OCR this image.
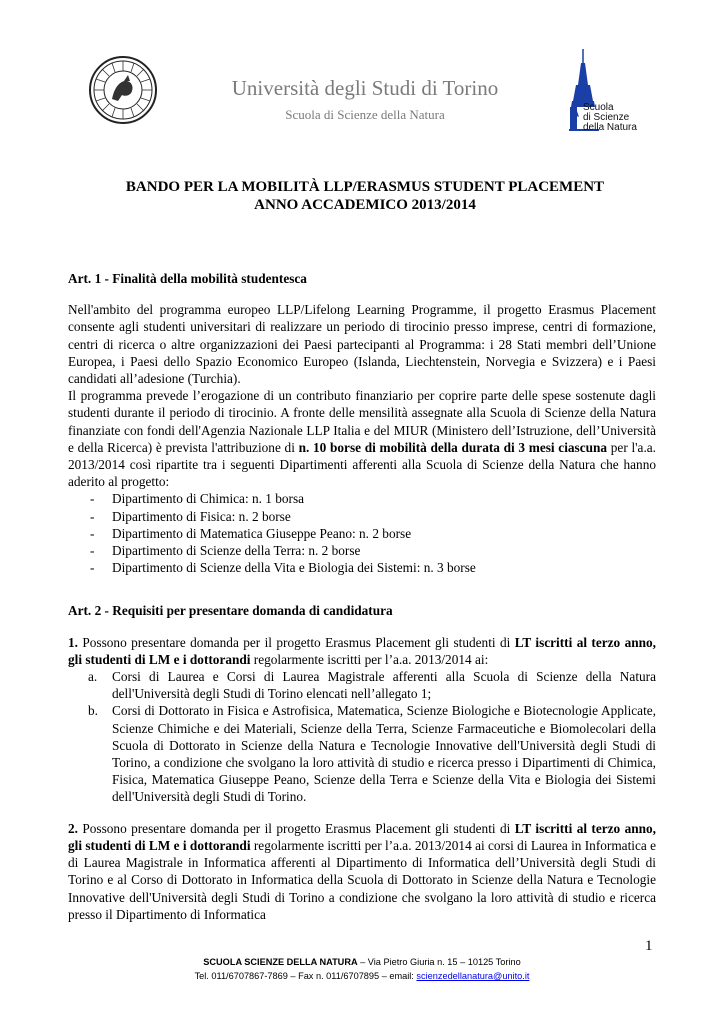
Università degli Studi di Torino
Scuola di Scienze della Natura	Scuola
di Scienze
della Natura
BANDO PER LA MOBILITÀ LLP/ERASMUS STUDENT PLACEMENT
ANNO ACCADEMICO 2013/2014

Art. 1 - Finalità della mobilità studentesca

Nell'ambito del programma europeo LLP/Lifelong Learning Programme, il progetto Erasmus Placement consente agli studenti universitari di realizzare un periodo di tirocinio presso imprese, centri di formazione, centri di ricerca o altre organizzazioni dei Paesi partecipanti al Programma: i 28 Stati membri dell’Unione Europea, i Paesi dello Spazio Economico Europeo (Islanda, Liechtenstein, Norvegia e Svizzera) e i Paesi candidati all’adesione (Turchia).

Il programma prevede l’erogazione di un contributo finanziario per coprire parte delle spese sostenute dagli studenti durante il periodo di tirocinio. A fronte delle mensilità assegnate alla Scuola di Scienze della Natura finanziate con fondi dell'Agenzia Nazionale LLP Italia e del MIUR (Ministero dell’Istruzione, dell’Università e della Ricerca) è prevista l'attribuzione di n. 10 borse di mobilità della durata di 3 mesi ciascuna per l'a.a. 2013/2014 così ripartite tra i seguenti Dipartimenti afferenti alla Scuola di Scienze della Natura che hanno aderito al progetto:

- Dipartimento di Chimica: n. 1 borsa
- Dipartimento di Fisica: n. 2 borse
- Dipartimento di Matematica Giuseppe Peano: n. 2 borse
- Dipartimento di Scienze della Terra: n. 2 borse
- Dipartimento di Scienze della Vita e Biologia dei Sistemi: n. 3 borse

Art. 2 - Requisiti per presentare domanda di candidatura

1. Possono presentare domanda per il progetto Erasmus Placement gli studenti di LT iscritti al terzo anno, gli studenti di LM e i dottorandi regolarmente iscritti per l’a.a. 2013/2014 ai:

a. Corsi di Laurea e Corsi di Laurea Magistrale afferenti alla Scuola di Scienze della Natura dell'Università degli Studi di Torino elencati nell’allegato 1;
b. Corsi di Dottorato in Fisica e Astrofisica, Matematica, Scienze Biologiche e Biotecnologie Applicate, Scienze Chimiche e dei Materiali, Scienze della Terra, Scienze Farmaceutiche e Biomolecolari della Scuola di Dottorato in Scienze della Natura e Tecnologie Innovative dell'Università degli Studi di Torino, a condizione che svolgano la loro attività di studio e ricerca presso i Dipartimenti di Chimica, Fisica, Matematica Giuseppe Peano, Scienze della Terra e Scienze della Vita e Biologia dei Sistemi dell'Università degli Studi di Torino.

2. Possono presentare domanda per il progetto Erasmus Placement gli studenti di LT iscritti al terzo anno, gli studenti di LM e i dottorandi regolarmente iscritti per l’a.a. 2013/2014 ai corsi di Laurea in Informatica e di Laurea Magistrale in Informatica afferenti al Dipartimento di Informatica dell’Università degli Studi di Torino e al Corso di Dottorato in Informatica della Scuola di Dottorato in Scienze della Natura e Tecnologie Innovative dell'Università degli Studi di Torino a condizione che svolgano la loro attività di studio e ricerca presso il Dipartimento di Informatica

1
SCUOLA SCIENZE DELLA NATURA – Via Pietro Giuria n. 15 – 10125 Torino
Tel. 011/6707867-7869 – Fax n. 011/6707895 – email: scienzedellanatura@unito.it
